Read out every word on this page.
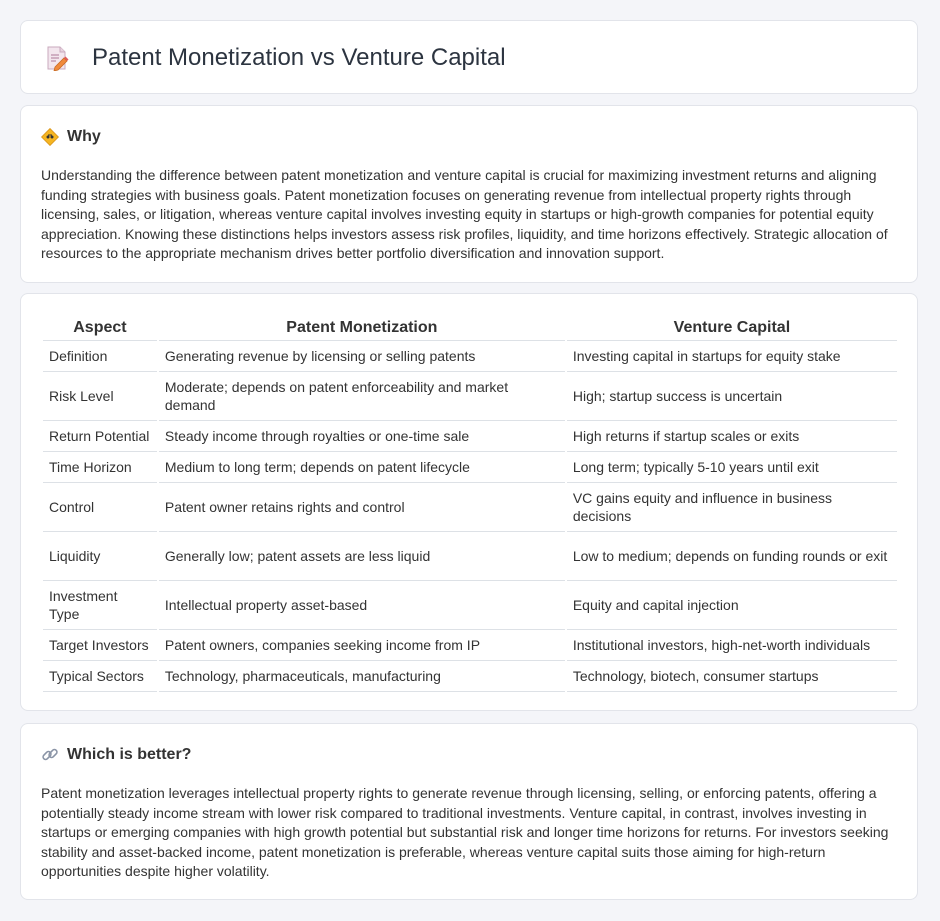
Patent Monetization vs Venture Capital
Why

Understanding the difference between patent monetization and venture capital is crucial for maximizing investment returns and aligning funding strategies with business goals. Patent monetization focuses on generating revenue from intellectual property rights through licensing, sales, or litigation, whereas venture capital involves investing equity in startups or high-growth companies for potential equity appreciation. Knowing these distinctions helps investors assess risk profiles, liquidity, and time horizons effectively. Strategic allocation of resources to the appropriate mechanism drives better portfolio diversification and innovation support.

Aspect	Patent Monetization	Venture Capital
Definition	Generating revenue by licensing or selling patents	Investing capital in startups for equity stake
Risk Level	Moderate; depends on patent enforceability and market demand	High; startup success is uncertain
Return Potential	Steady income through royalties or one-time sale	High returns if startup scales or exits
Time Horizon	Medium to long term; depends on patent lifecycle	Long term; typically 5-10 years until exit
Control	Patent owner retains rights and control	VC gains equity and influence in business decisions
Liquidity	Generally low; patent assets are less liquid	Low to medium; depends on funding rounds or exit
Investment Type	Intellectual property asset-based	Equity and capital injection
Target Investors	Patent owners, companies seeking income from IP	Institutional investors, high-net-worth individuals
Typical Sectors	Technology, pharmaceuticals, manufacturing	Technology, biotech, consumer startups
Which is better?

Patent monetization leverages intellectual property rights to generate revenue through licensing, selling, or enforcing patents, offering a potentially steady income stream with lower risk compared to traditional investments. Venture capital, in contrast, involves investing in startups or emerging companies with high growth potential but substantial risk and longer time horizons for returns. For investors seeking stability and asset-backed income, patent monetization is preferable, whereas venture capital suits those aiming for high-return opportunities despite higher volatility.
